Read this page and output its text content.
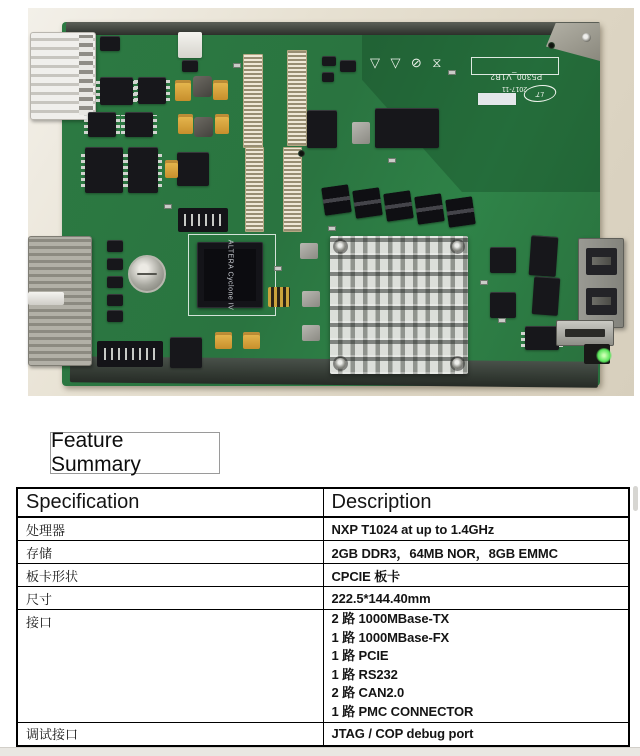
ALTERA Cyclone IV
▽ ▽ ⊘ ⧖
P5300_V1B2
2017-11
LT
Feature Summary
Specification	Description
处理器	NXP T1024 at up to 1.4GHz
存储	2GB DDR3，64MB NOR，8GB EMMC
板卡形状	CPCIE 板卡
尺寸	222.5*144.40mm
接口	2 路 1000MBase-TX
1 路 1000MBase-FX
1 路 PCIE
1 路 RS232
2 路 CAN2.0
1 路 PMC CONNECTOR

调试接口	JTAG / COP debug port
